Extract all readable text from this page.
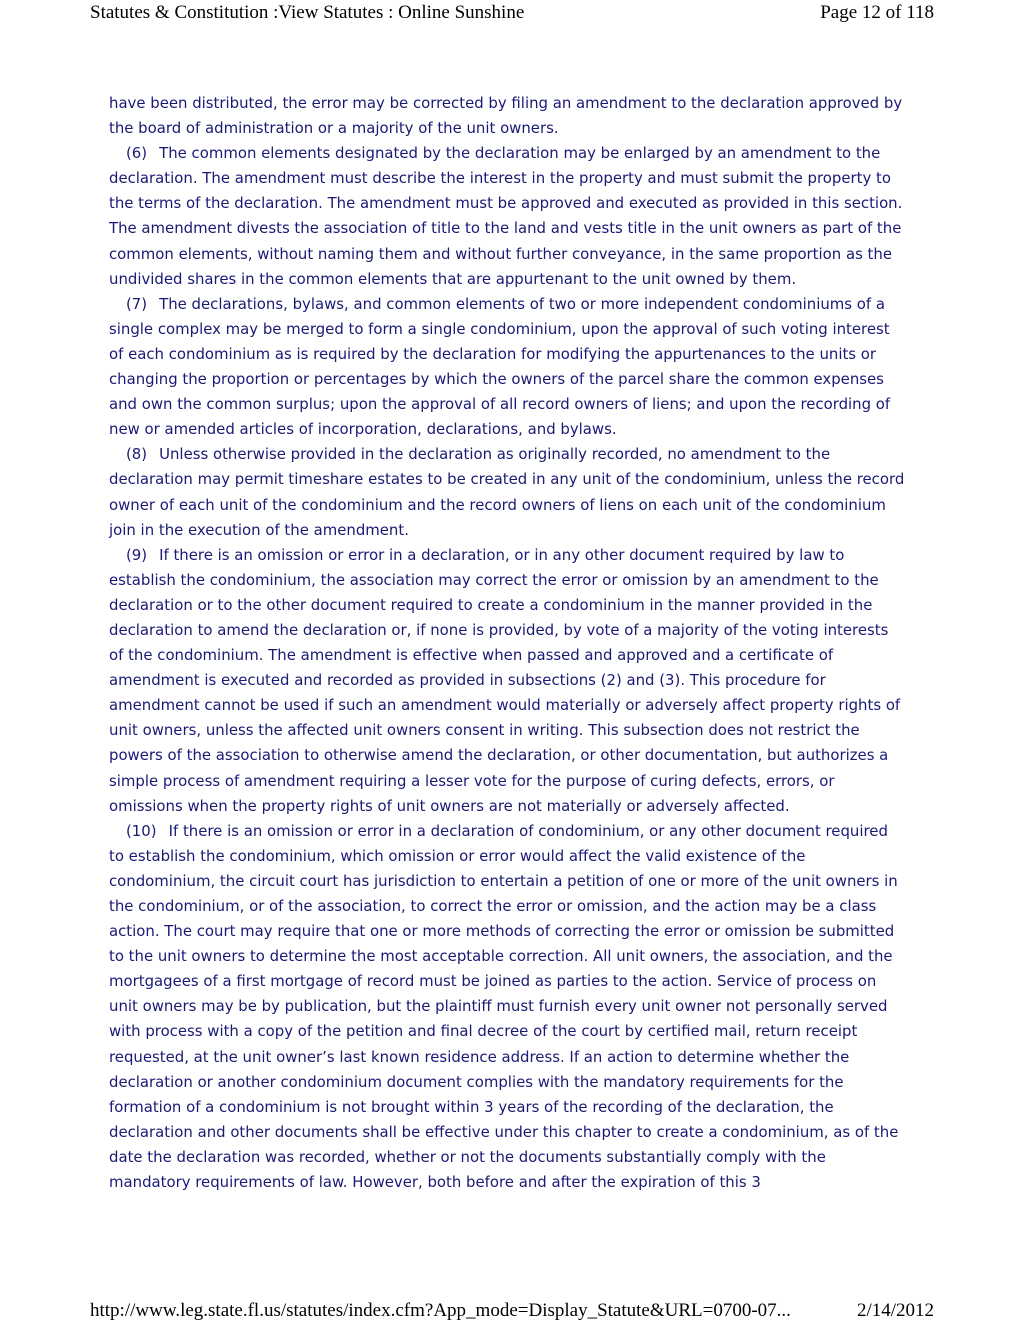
Statutes & Constitution :View Statutes : Online Sunshine	Page 12 of 118

have been distributed, the error may be corrected by filing an amendment to the declaration approved by the board of administration or a majority of the unit owners.

(6) The common elements designated by the declaration may be enlarged by an amendment to the declaration. The amendment must describe the interest in the property and must submit the property to the terms of the declaration. The amendment must be approved and executed as provided in this section. The amendment divests the association of title to the land and vests title in the unit owners as part of the common elements, without naming them and without further conveyance, in the same proportion as the undivided shares in the common elements that are appurtenant to the unit owned by them.

(7) The declarations, bylaws, and common elements of two or more independent condominiums of a single complex may be merged to form a single condominium, upon the approval of such voting interest of each condominium as is required by the declaration for modifying the appurtenances to the units or changing the proportion or percentages by which the owners of the parcel share the common expenses and own the common surplus; upon the approval of all record owners of liens; and upon the recording of new or amended articles of incorporation, declarations, and bylaws.

(8) Unless otherwise provided in the declaration as originally recorded, no amendment to the declaration may permit timeshare estates to be created in any unit of the condominium, unless the record owner of each unit of the condominium and the record owners of liens on each unit of the condominium join in the execution of the amendment.

(9) If there is an omission or error in a declaration, or in any other document required by law to establish the condominium, the association may correct the error or omission by an amendment to the declaration or to the other document required to create a condominium in the manner provided in the declaration to amend the declaration or, if none is provided, by vote of a majority of the voting interests of the condominium. The amendment is effective when passed and approved and a certificate of amendment is executed and recorded as provided in subsections (2) and (3). This procedure for amendment cannot be used if such an amendment would materially or adversely affect property rights of unit owners, unless the affected unit owners consent in writing. This subsection does not restrict the powers of the association to otherwise amend the declaration, or other documentation, but authorizes a simple process of amendment requiring a lesser vote for the purpose of curing defects, errors, or omissions when the property rights of unit owners are not materially or adversely affected.

(10) If there is an omission or error in a declaration of condominium, or any other document required to establish the condominium, which omission or error would affect the valid existence of the condominium, the circuit court has jurisdiction to entertain a petition of one or more of the unit owners in the condominium, or of the association, to correct the error or omission, and the action may be a class action. The court may require that one or more methods of correcting the error or omission be submitted to the unit owners to determine the most acceptable correction. All unit owners, the association, and the mortgagees of a first mortgage of record must be joined as parties to the action. Service of process on unit owners may be by publication, but the plaintiff must furnish every unit owner not personally served with process with a copy of the petition and final decree of the court by certified mail, return receipt requested, at the unit owner’s last known residence address. If an action to determine whether the declaration or another condominium document complies with the mandatory requirements for the formation of a condominium is not brought within 3 years of the recording of the declaration, the declaration and other documents shall be effective under this chapter to create a condominium, as of the date the declaration was recorded, whether or not the documents substantially comply with the mandatory requirements of law. However, both before and after the expiration of this 3

http://www.leg.state.fl.us/statutes/index.cfm?App_mode=Display_Statute&URL=0700-07...	2/14/2012
